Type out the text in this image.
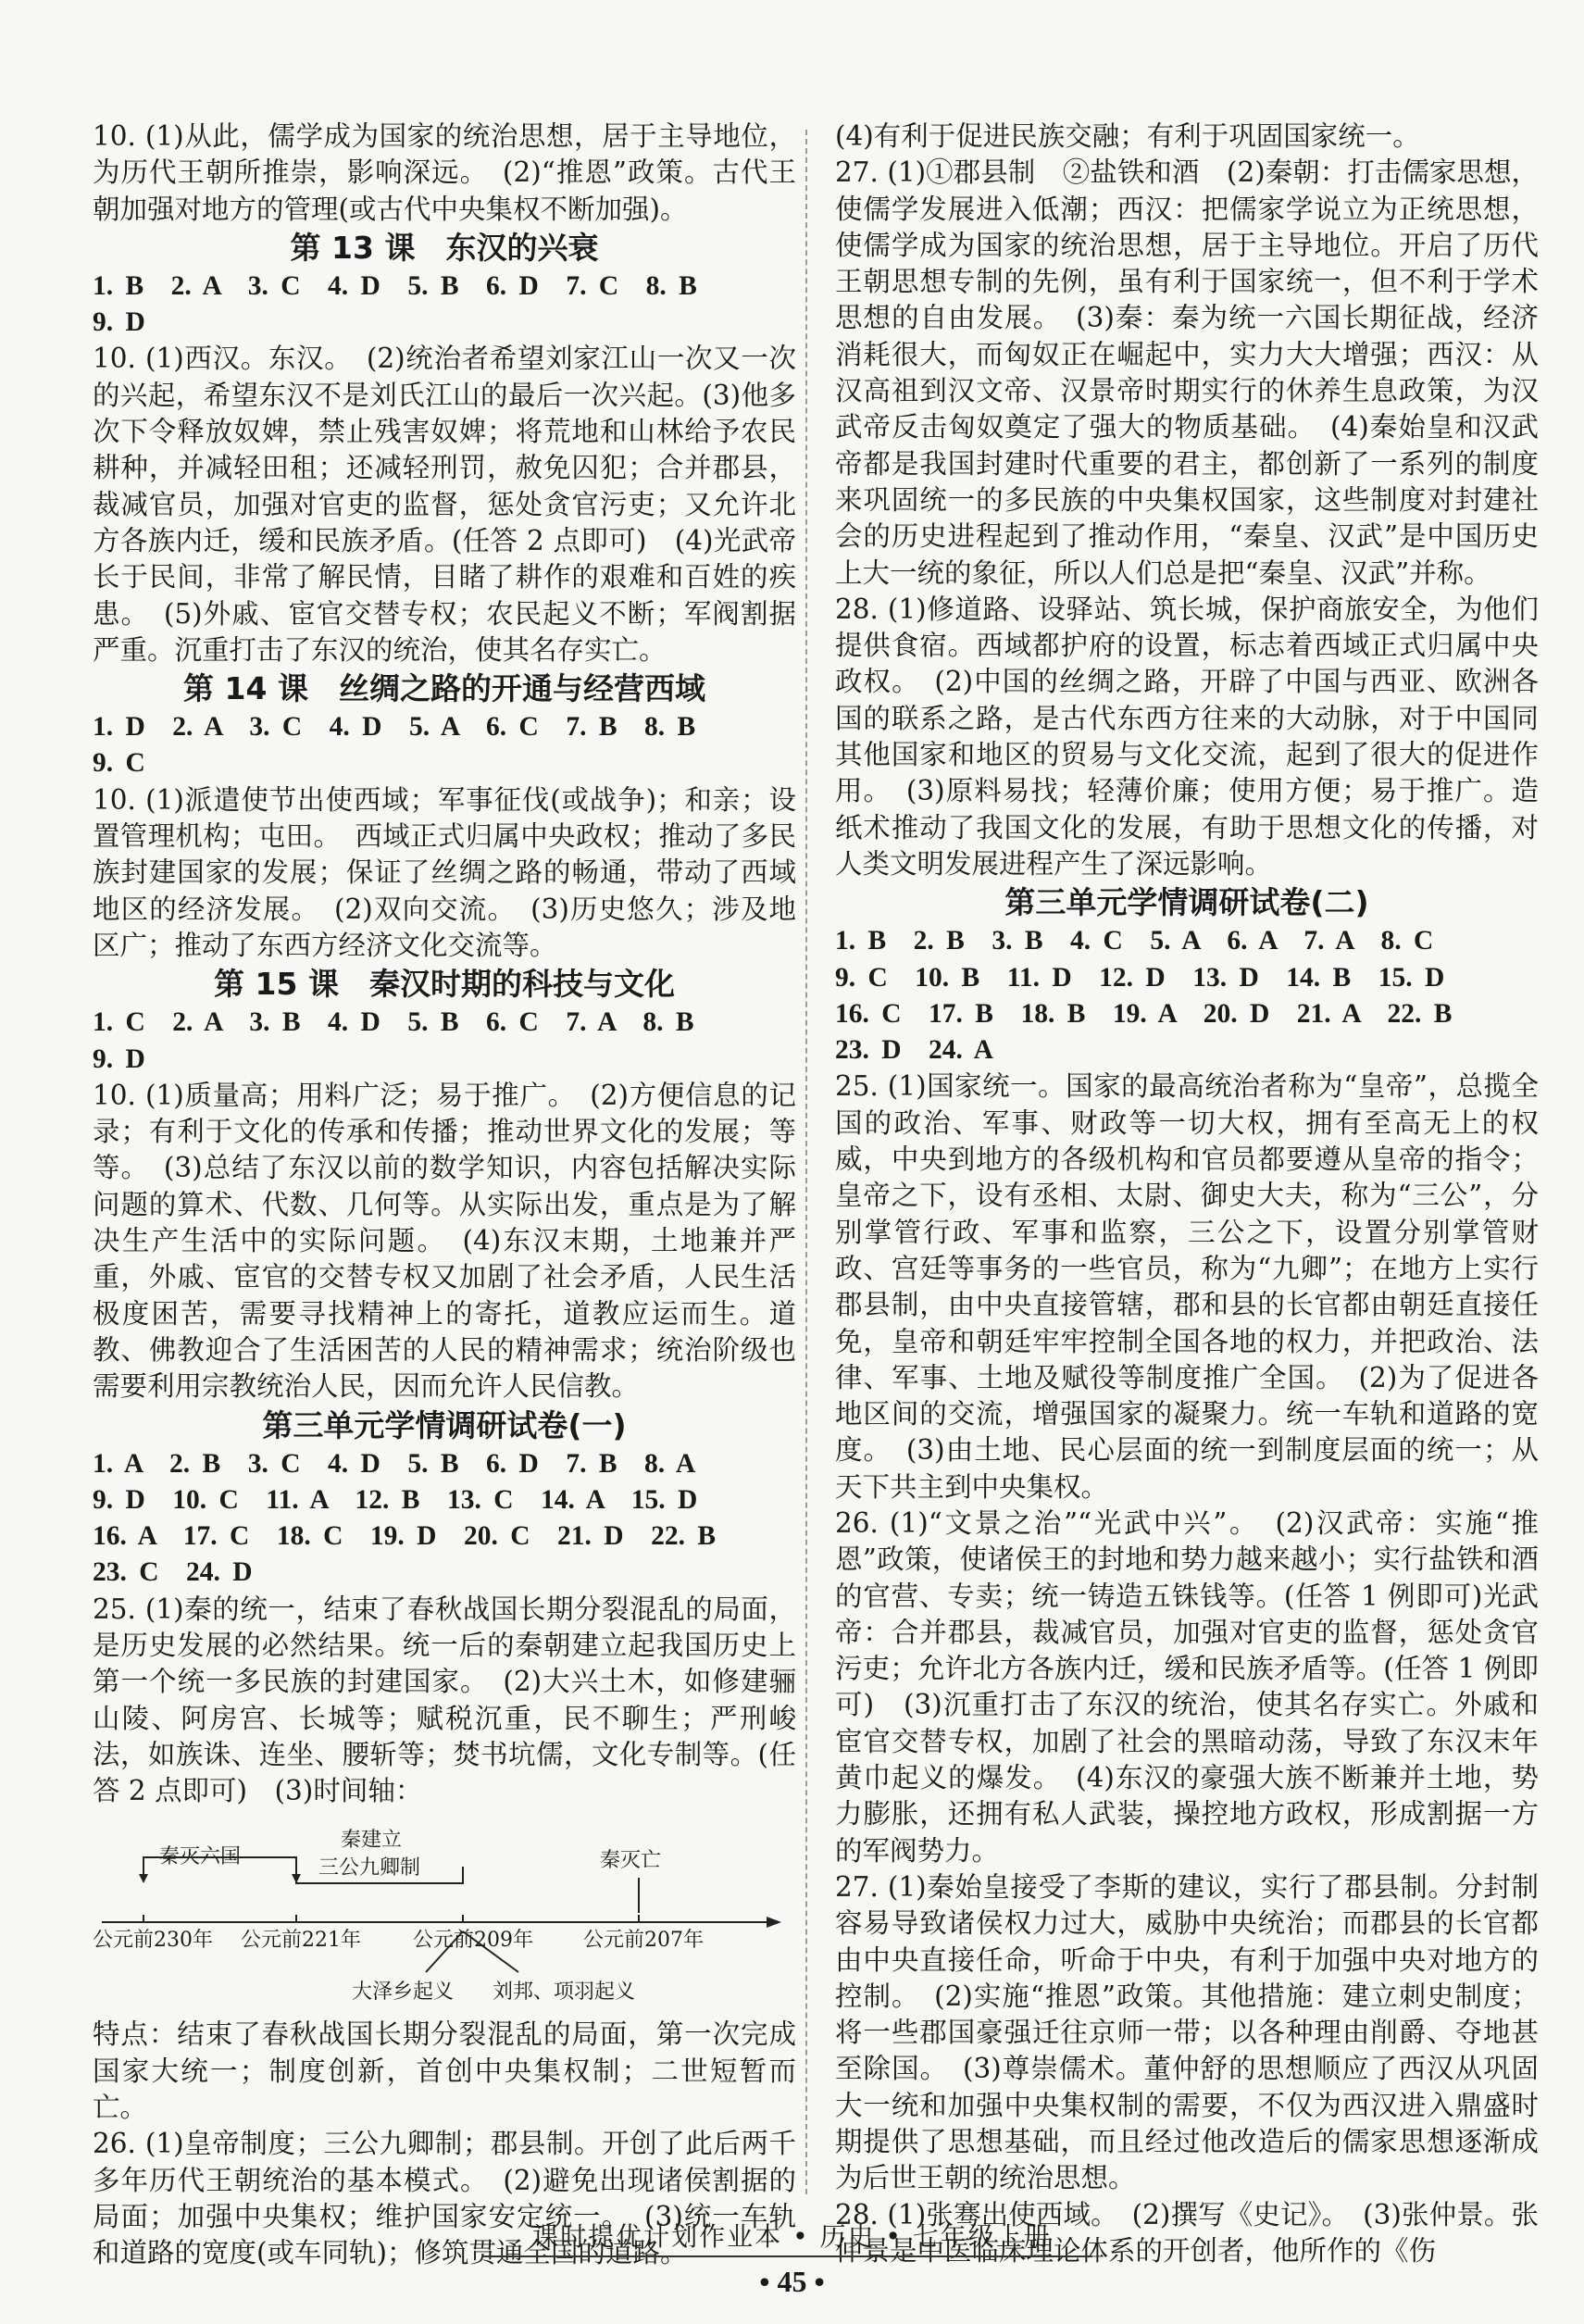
10. (1)从此，儒学成为国家的统治思想，居于主导地位，为历代王朝所推崇，影响深远。　(2)“推恩”政策。古代王朝加强对地方的管理(或古代中央集权不断加强)。

第 13 课　东汉的兴衰

1. B　2. A　3. C　4. D　5. B　6. D　7. C　8. B

9. D

10. (1)西汉。东汉。　(2)统治者希望刘家江山一次又一次的兴起，希望东汉不是刘氏江山的最后一次兴起。(3)他多次下令释放奴婢，禁止残害奴婢；将荒地和山林给予农民耕种，并减轻田租；还减轻刑罚，赦免囚犯；合并郡县，裁减官员，加强对官吏的监督，惩处贪官污吏；又允许北方各族内迁，缓和民族矛盾。(任答 2 点即可)　(4)光武帝长于民间，非常了解民情，目睹了耕作的艰难和百姓的疾患。　(5)外戚、宦官交替专权；农民起义不断；军阀割据严重。沉重打击了东汉的统治，使其名存实亡。

第 14 课　丝绸之路的开通与经营西域

1. D　2. A　3. C　4. D　5. A　6. C　7. B　8. B

9. C

10. (1)派遣使节出使西域；军事征伐(或战争)；和亲；设置管理机构；屯田。　西域正式归属中央政权；推动了多民族封建国家的发展；保证了丝绸之路的畅通，带动了西域地区的经济发展。　(2)双向交流。　(3)历史悠久；涉及地区广；推动了东西方经济文化交流等。

第 15 课　秦汉时期的科技与文化

1. C　2. A　3. B　4. D　5. B　6. C　7. A　8. B

9. D

10. (1)质量高；用料广泛；易于推广。　(2)方便信息的记录；有利于文化的传承和传播；推动世界文化的发展；等等。　(3)总结了东汉以前的数学知识，内容包括解决实际问题的算术、代数、几何等。从实际出发，重点是为了解决生产生活中的实际问题。　(4)东汉末期，土地兼并严重，外戚、宦官的交替专权又加剧了社会矛盾，人民生活极度困苦，需要寻找精神上的寄托，道教应运而生。道教、佛教迎合了生活困苦的人民的精神需求；统治阶级也需要利用宗教统治人民，因而允许人民信教。

第三单元学情调研试卷(一)

1. A　2. B　3. C　4. D　5. B　6. D　7. B　8. A

9. D　10. C　11. A　12. B　13. C　14. A　15. D

16. A　17. C　18. C　19. D　20. C　21. D　22. B

23. C　24. D

25. (1)秦的统一，结束了春秋战国长期分裂混乱的局面，是历史发展的必然结果。统一后的秦朝建立起我国历史上第一个统一多民族的封建国家。　(2)大兴土木，如修建骊山陵、阿房宫、长城等；赋税沉重，民不聊生；严刑峻法，如族诛、连坐、腰斩等；焚书坑儒，文化专制等。(任答 2 点即可)　(3)时间轴：

秦灭六国
秦建立
三公九卿制	秦灭亡
公元前230年 公元前221年	公元前209年 公元前207年
大泽乡起义 刘邦、项羽起义

特点：结束了春秋战国长期分裂混乱的局面，第一次完成国家大统一；制度创新，首创中央集权制；二世短暂而亡。

26. (1)皇帝制度；三公九卿制；郡县制。开创了此后两千多年历代王朝统治的基本模式。　(2)避免出现诸侯割据的局面；加强中央集权；维护国家安定统一。　(3)统一车轨和道路的宽度(或车同轨)；修筑贯通全国的道路。

(4)有利于促进民族交融；有利于巩固国家统一。

27. (1)①郡县制　②盐铁和酒　(2)秦朝：打击儒家思想，使儒学发展进入低潮；西汉：把儒家学说立为正统思想，使儒学成为国家的统治思想，居于主导地位。开启了历代王朝思想专制的先例，虽有利于国家统一，但不利于学术思想的自由发展。　(3)秦：秦为统一六国长期征战，经济消耗很大，而匈奴正在崛起中，实力大大增强；西汉：从汉高祖到汉文帝、汉景帝时期实行的休养生息政策，为汉武帝反击匈奴奠定了强大的物质基础。　(4)秦始皇和汉武帝都是我国封建时代重要的君主，都创新了一系列的制度来巩固统一的多民族的中央集权国家，这些制度对封建社会的历史进程起到了推动作用，“秦皇、汉武”是中国历史上大一统的象征，所以人们总是把“秦皇、汉武”并称。

28. (1)修道路、设驿站、筑长城，保护商旅安全，为他们提供食宿。西域都护府的设置，标志着西域正式归属中央政权。　(2)中国的丝绸之路，开辟了中国与西亚、欧洲各国的联系之路，是古代东西方往来的大动脉，对于中国同其他国家和地区的贸易与文化交流，起到了很大的促进作用。　(3)原料易找；轻薄价廉；使用方便；易于推广。造纸术推动了我国文化的发展，有助于思想文化的传播，对人类文明发展进程产生了深远影响。

第三单元学情调研试卷(二)

1. B　2. B　3. B　4. C　5. A　6. A　7. A　8. C

9. C　10. B　11. D　12. D　13. D　14. B　15. D

16. C　17. B　18. B　19. A　20. D　21. A　22. B

23. D　24. A

25. (1)国家统一。国家的最高统治者称为“皇帝”，总揽全国的政治、军事、财政等一切大权，拥有至高无上的权威，中央到地方的各级机构和官员都要遵从皇帝的指令；皇帝之下，设有丞相、太尉、御史大夫，称为“三公”，分别掌管行政、军事和监察，三公之下，设置分别掌管财政、宫廷等事务的一些官员，称为“九卿”；在地方上实行郡县制，由中央直接管辖，郡和县的长官都由朝廷直接任免，皇帝和朝廷牢牢控制全国各地的权力，并把政治、法律、军事、土地及赋役等制度推广全国。　(2)为了促进各地区间的交流，增强国家的凝聚力。统一车轨和道路的宽度。　(3)由土地、民心层面的统一到制度层面的统一；从天下共主到中央集权。

26. (1)“文景之治”“光武中兴”。　(2)汉武帝：实施“推恩”政策，使诸侯王的封地和势力越来越小；实行盐铁和酒的官营、专卖；统一铸造五铢钱等。(任答 1 例即可)光武帝：合并郡县，裁减官员，加强对官吏的监督，惩处贪官污吏；允许北方各族内迁，缓和民族矛盾等。(任答 1 例即可)　(3)沉重打击了东汉的统治，使其名存实亡。外戚和宦官交替专权，加剧了社会的黑暗动荡，导致了东汉末年黄巾起义的爆发。　(4)东汉的豪强大族不断兼并土地，势力膨胀，还拥有私人武装，操控地方政权，形成割据一方的军阀势力。

27. (1)秦始皇接受了李斯的建议，实行了郡县制。分封制容易导致诸侯权力过大，威胁中央统治；而郡县的长官都由中央直接任命，听命于中央，有利于加强中央对地方的控制。　(2)实施“推恩”政策。其他措施：建立刺史制度；将一些郡国豪强迁往京师一带；以各种理由削爵、夺地甚至除国。　(3)尊崇儒术。董仲舒的思想顺应了西汉从巩固大一统和加强中央集权制的需要，不仅为西汉进入鼎盛时期提供了思想基础，而且经过他改造后的儒家思想逐渐成为后世王朝的统治思想。

28. (1)张骞出使西域。　(2)撰写《史记》。　(3)张仲景。张仲景是中医临床理论体系的开创者，他所作的《伤

课时提优计划作业本 • 历史 • 七年级上册
• 45 •
